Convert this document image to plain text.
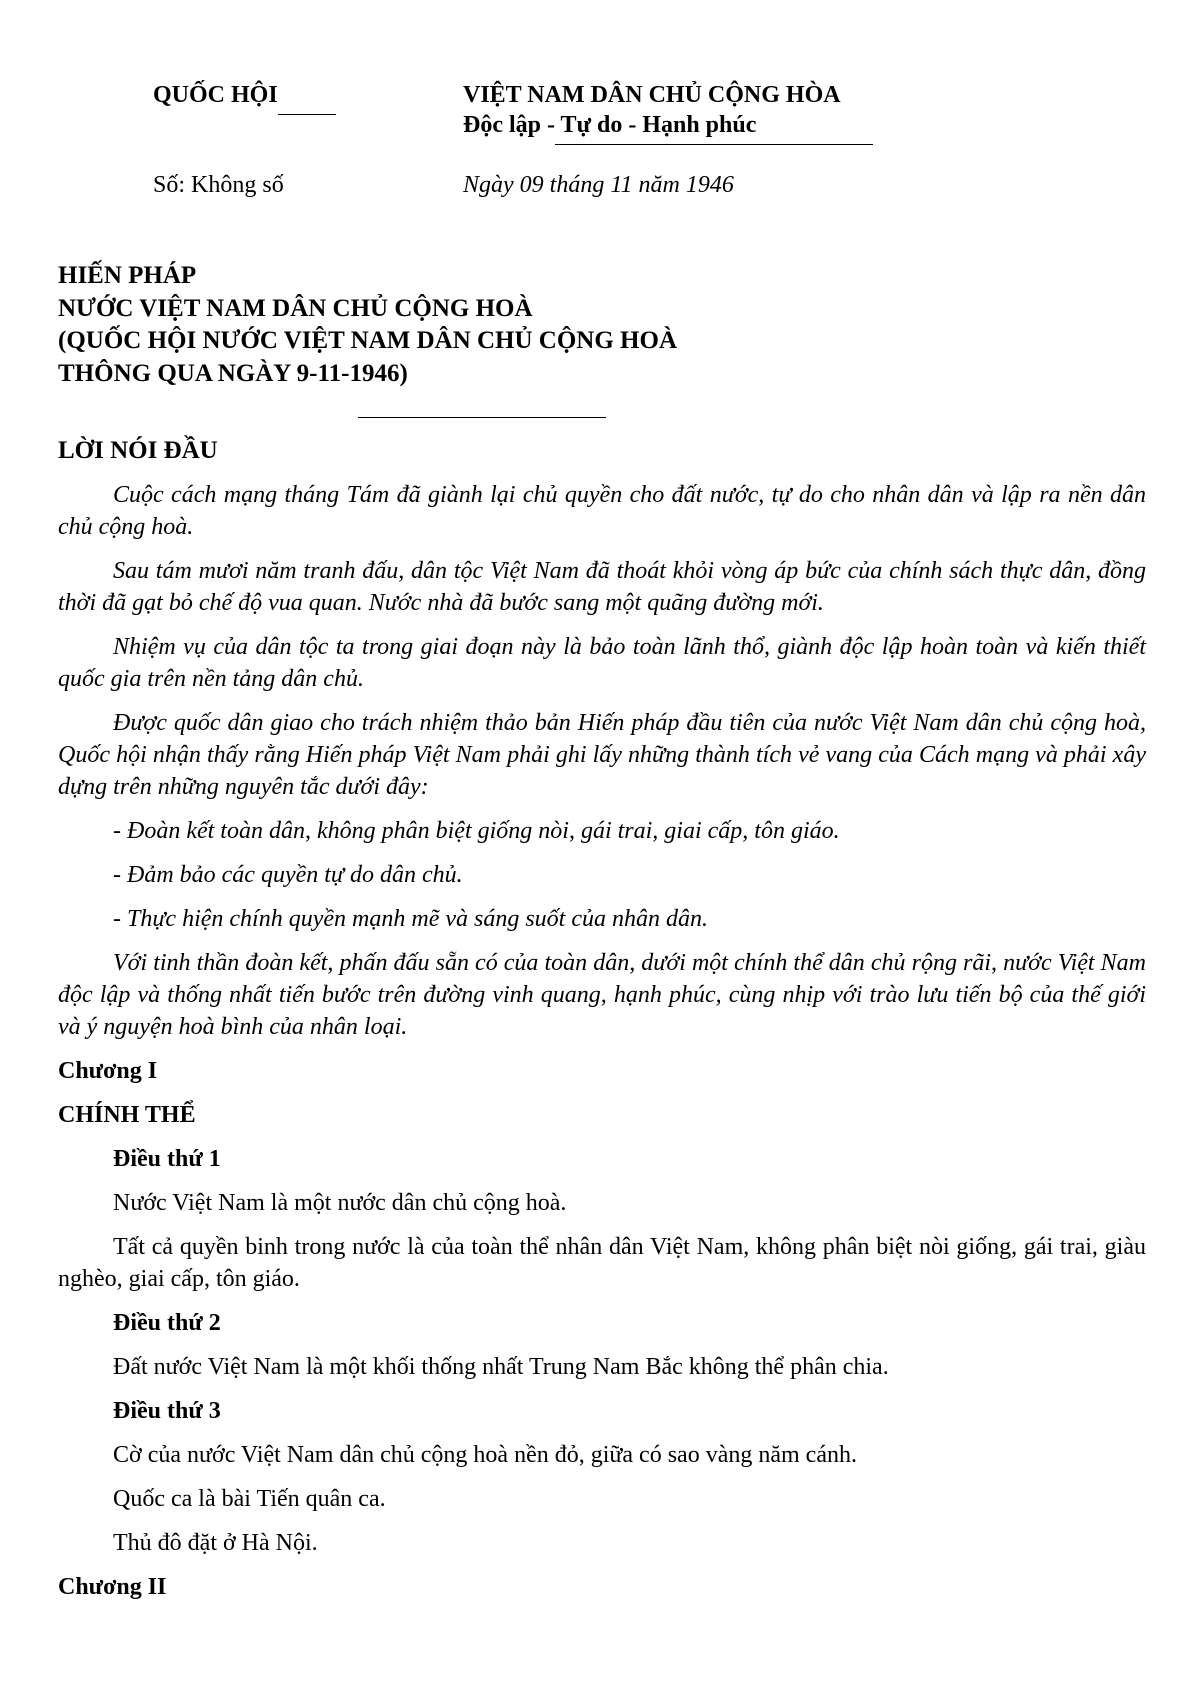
QUỐC HỘI	VIỆT NAM DÂN CHỦ CỘNG HÒA
Độc lập - Tự do - Hạnh phúc
Số: Không số	Ngày 09 tháng 11 năm 1946
HIẾN PHÁP
NƯỚC VIỆT NAM DÂN CHỦ CỘNG HOÀ
(QUỐC HỘI NƯỚC VIỆT NAM DÂN CHỦ CỘNG HOÀ
THÔNG QUA NGÀY 9-11-1946)

LỜI NÓI ĐẦU

Cuộc cách mạng tháng Tám đã giành lại chủ quyền cho đất nước, tự do cho nhân dân và lập ra nền dân chủ cộng hoà.

Sau tám mươi năm tranh đấu, dân tộc Việt Nam đã thoát khỏi vòng áp bức của chính sách thực dân, đồng thời đã gạt bỏ chế độ vua quan. Nước nhà đã bước sang một quãng đường mới.

Nhiệm vụ của dân tộc ta trong giai đoạn này là bảo toàn lãnh thổ, giành độc lập hoàn toàn và kiến thiết quốc gia trên nền tảng dân chủ.

Được quốc dân giao cho trách nhiệm thảo bản Hiến pháp đầu tiên của nước Việt Nam dân chủ cộng hoà, Quốc hội nhận thấy rằng Hiến pháp Việt Nam phải ghi lấy những thành tích vẻ vang của Cách mạng và phải xây dựng trên những nguyên tắc dưới đây:

- Đoàn kết toàn dân, không phân biệt giống nòi, gái trai, giai cấp, tôn giáo.

- Đảm bảo các quyền tự do dân chủ.

- Thực hiện chính quyền mạnh mẽ và sáng suốt của nhân dân.

Với tinh thần đoàn kết, phấn đấu sẵn có của toàn dân, dưới một chính thể dân chủ rộng rãi, nước Việt Nam độc lập và thống nhất tiến bước trên đường vinh quang, hạnh phúc, cùng nhịp với trào lưu tiến bộ của thế giới và ý nguyện hoà bình của nhân loại.

Chương I

CHÍNH THỂ

Điều thứ 1

Nước Việt Nam là một nước dân chủ cộng hoà.

Tất cả quyền binh trong nước là của toàn thể nhân dân Việt Nam, không phân biệt nòi giống, gái trai, giàu nghèo, giai cấp, tôn giáo.

Điều thứ 2

Đất nước Việt Nam là một khối thống nhất Trung Nam Bắc không thể phân chia.

Điều thứ 3

Cờ của nước Việt Nam dân chủ cộng hoà nền đỏ, giữa có sao vàng năm cánh.

Quốc ca là bài Tiến quân ca.

Thủ đô đặt ở Hà Nội.

Chương II
